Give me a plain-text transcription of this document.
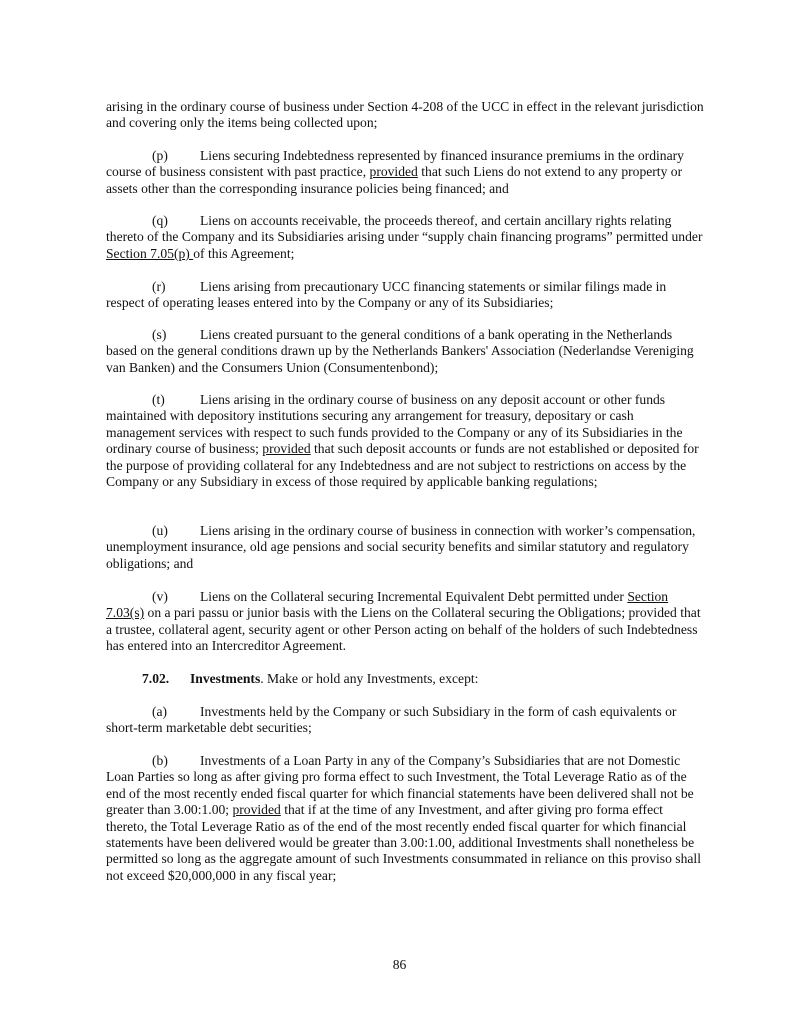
arising in the ordinary course of business under Section 4-208 of the UCC in effect in the relevant jurisdiction and covering only the items being collected upon;

(p) Liens securing Indebtedness represented by financed insurance premiums in the ordinary course of business consistent with past practice, provided that such Liens do not extend to any property or assets other than the corresponding insurance policies being financed; and

(q) Liens on accounts receivable, the proceeds thereof, and certain ancillary rights relating thereto of the Company and its Subsidiaries arising under “supply chain financing programs” permitted under Section 7.05(p) of this Agreement;

(r)	Liens arising from precautionary UCC financing statements or similar filings made in respect of operating leases entered into by the Company or any of its Subsidiaries;

(s) Liens created pursuant to the general conditions of a bank operating in the Netherlands based on the general conditions drawn up by the Netherlands Bankers' Association (Nederlandse Vereniging van Banken) and the Consumers Union (Consumentenbond);

(t)	Liens arising in the ordinary course of business on any deposit account or other funds maintained with depository institutions securing any arrangement for treasury, depositary or cash management services with respect to such funds provided to the Company or any of its Subsidiaries in the ordinary course of business; provided that such deposit accounts or funds are not established or deposited for the purpose of providing collateral for any Indebtedness and are not subject to restrictions on access by the Company or any Subsidiary in excess of those required by applicable banking regulations;

(u) Liens arising in the ordinary course of business in connection with worker’s compensation, unemployment insurance, old age pensions and social security benefits and similar statutory and regulatory obligations; and

(v) Liens on the Collateral securing Incremental Equivalent Debt permitted under Section 7.03(s) on a pari passu or junior basis with the Liens on the Collateral securing the Obligations; provided that a trustee, collateral agent, security agent or other Person acting on behalf of the holders of such Indebtedness has entered into an Intercreditor Agreement.

7.02. Investments. Make or hold any Investments, except:

(a) Investments held by the Company or such Subsidiary in the form of cash equivalents or short-term marketable debt securities;

(b) Investments of a Loan Party in any of the Company’s Subsidiaries that are not Domestic Loan Parties so long as after giving pro forma effect to such Investment, the Total Leverage Ratio as of the end of the most recently ended fiscal quarter for which financial statements have been delivered shall not be greater than 3.00:1.00; provided that if at the time of any Investment, and after giving pro forma effect thereto, the Total Leverage Ratio as of the end of the most recently ended fiscal quarter for which financial statements have been delivered would be greater than 3.00:1.00, additional Investments shall nonetheless be permitted so long as the aggregate amount of such Investments consummated in reliance on this proviso shall not exceed $20,000,000 in any fiscal year;

86
